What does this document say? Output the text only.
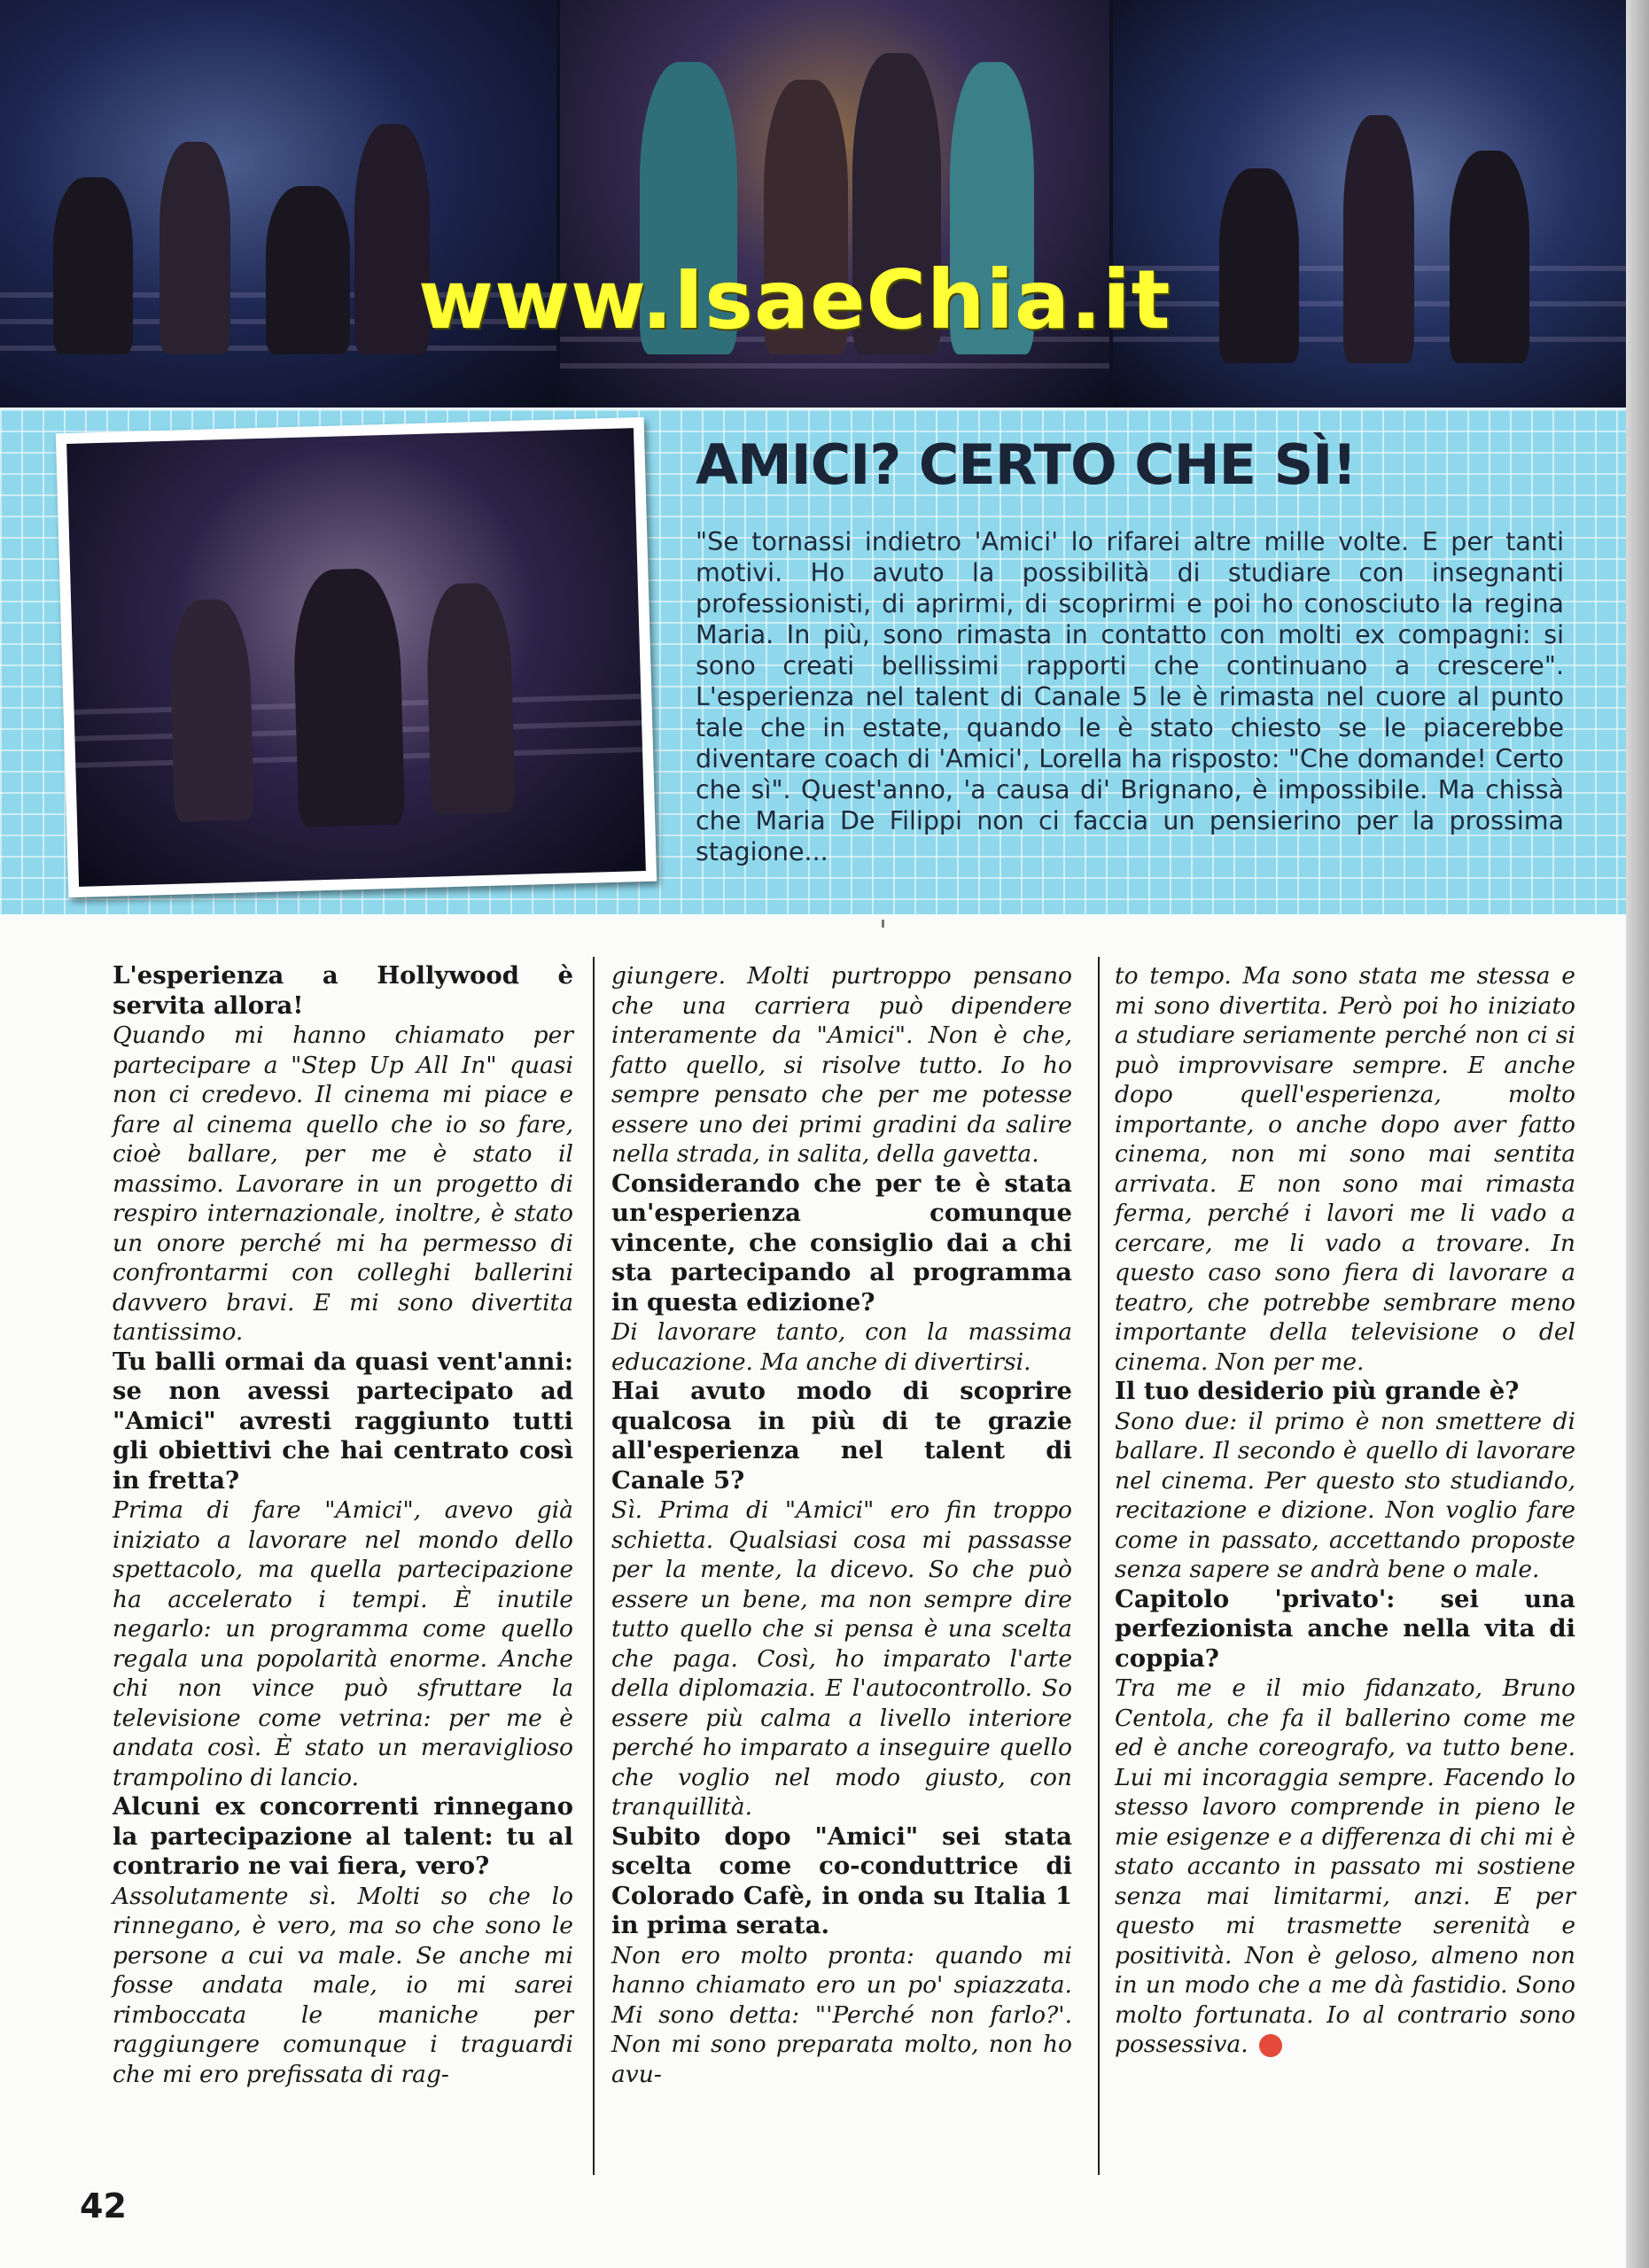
www.IsaeChia.it
AMICI? CERTO CHE SÌ!

"Se tornassi indietro 'Amici' lo rifarei altre mille volte. E per tanti motivi. Ho avuto la possibilità di studiare con insegnanti professionisti, di aprirmi, di scoprirmi e poi ho conosciuto la regina Maria. In più, sono rimasta in contatto con molti ex compagni: si sono creati bellissimi rapporti che continuano a crescere". L'esperienza nel talent di Canale 5 le è rimasta nel cuore al punto tale che in estate, quando le è stato chiesto se le piacerebbe diventare coach di 'Amici', Lorella ha risposto: "Che domande! Certo che sì". Quest'anno, 'a causa di' Brignano, è impossibile. Ma chissà che Maria De Filippi non ci faccia un pensierino per la prossima stagione...

L'esperienza a Hollywood è servita allora!

Quando mi hanno chiamato per partecipare a "Step Up All In" quasi non ci credevo. Il cinema mi piace e fare al cinema quello che io so fare, cioè ballare, per me è stato il massimo. Lavorare in un progetto di respiro internazionale, inoltre, è stato un onore perché mi ha permesso di confrontarmi con colleghi ballerini davvero bravi. E mi sono divertita tantissimo.

Tu balli ormai da quasi vent'anni: se non avessi partecipato ad "Amici" avresti raggiunto tutti gli obiettivi che hai centrato così in fretta?

Prima di fare "Amici", avevo già iniziato a lavorare nel mondo dello spettacolo, ma quella partecipazione ha accelerato i tempi. È inutile negarlo: un programma come quello regala una popolarità enorme. Anche chi non vince può sfruttare la televisione come vetrina: per me è andata così. È stato un meraviglioso trampolino di lancio.

Alcuni ex concorrenti rinnegano la partecipazione al talent: tu al contrario ne vai fiera, vero?

Assolutamente sì. Molti so che lo rinnegano, è vero, ma so che sono le persone a cui va male. Se anche mi fosse andata male, io mi sarei rimboccata le maniche per raggiungere comunque i traguardi che mi ero prefissata di rag-

giungere. Molti purtroppo pensano che una carriera può dipendere interamente da "Amici". Non è che, fatto quello, si risolve tutto. Io ho sempre pensato che per me potesse essere uno dei primi gradini da salire nella strada, in salita, della gavetta.

Considerando che per te è stata un'esperienza comunque vincente, che consiglio dai a chi sta partecipando al programma in questa edizione?

Di lavorare tanto, con la massima educazione. Ma anche di divertirsi.

Hai avuto modo di scoprire qualcosa in più di te grazie all'esperienza nel talent di Canale 5?

Sì. Prima di "Amici" ero fin troppo schietta. Qualsiasi cosa mi passasse per la mente, la dicevo. So che può essere un bene, ma non sempre dire tutto quello che si pensa è una scelta che paga. Così, ho imparato l'arte della diplomazia. E l'autocontrollo. So essere più calma a livello interiore perché ho imparato a inseguire quello che voglio nel modo giusto, con tranquillità.

Subito dopo "Amici" sei stata scelta come co-conduttrice di Colorado Cafè, in onda su Italia 1 in prima serata.

Non ero molto pronta: quando mi hanno chiamato ero un po' spiazzata. Mi sono detta: "'Perché non farlo?'. Non mi sono preparata molto, non ho avu-

to tempo. Ma sono stata me stessa e mi sono divertita. Però poi ho iniziato a studiare seriamente perché non ci si può improvvisare sempre. E anche dopo quell'esperienza, molto importante, o anche dopo aver fatto cinema, non mi sono mai sentita arrivata. E non sono mai rimasta ferma, perché i lavori me li vado a cercare, me li vado a trovare. In questo caso sono fiera di lavorare a teatro, che potrebbe sembrare meno importante della televisione o del cinema. Non per me.

Il tuo desiderio più grande è?

Sono due: il primo è non smettere di ballare. Il secondo è quello di lavorare nel cinema. Per questo sto studiando, recitazione e dizione. Non voglio fare come in passato, accettando proposte senza sapere se andrà bene o male.

Capitolo 'privato': sei una perfezionista anche nella vita di coppia?

Tra me e il mio fidanzato, Bruno Centola, che fa il ballerino come me ed è anche coreografo, va tutto bene. Lui mi incoraggia sempre. Facendo lo stesso lavoro comprende in pieno le mie esigenze e a differenza di chi mi è stato accanto in passato mi sostiene senza mai limitarmi, anzi. E per questo mi trasmette serenità e positività. Non è geloso, almeno non in un modo che a me dà fastidio. Sono molto fortunata. Io al contrario sono possessiva.

42
